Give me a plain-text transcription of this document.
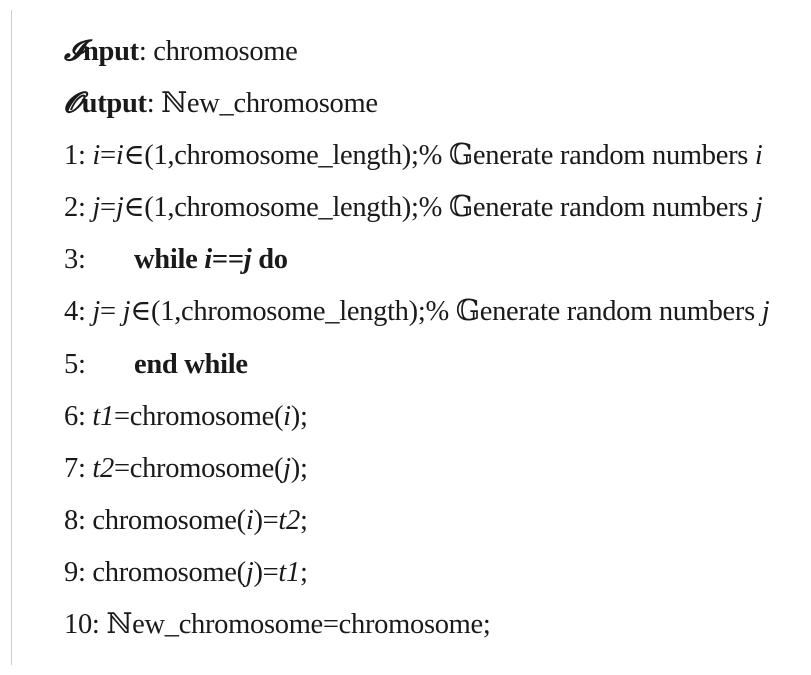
𝓘nput: chromosome
𝓞utput: ℕew_chromosome
1: i=i∈(1,chromosome_length);% 𝔾enerate random numbers i
2: j=j∈(1,chromosome_length);% 𝔾enerate random numbers j
3: while i==j do
4: j= j∈(1,chromosome_length);% 𝔾enerate random numbers j
5: end while
6: t1=chromosome(i);
7: t2=chromosome(j);
8: chromosome(i)=t2;
9: chromosome(j)=t1;
10: ℕew_chromosome=chromosome;
